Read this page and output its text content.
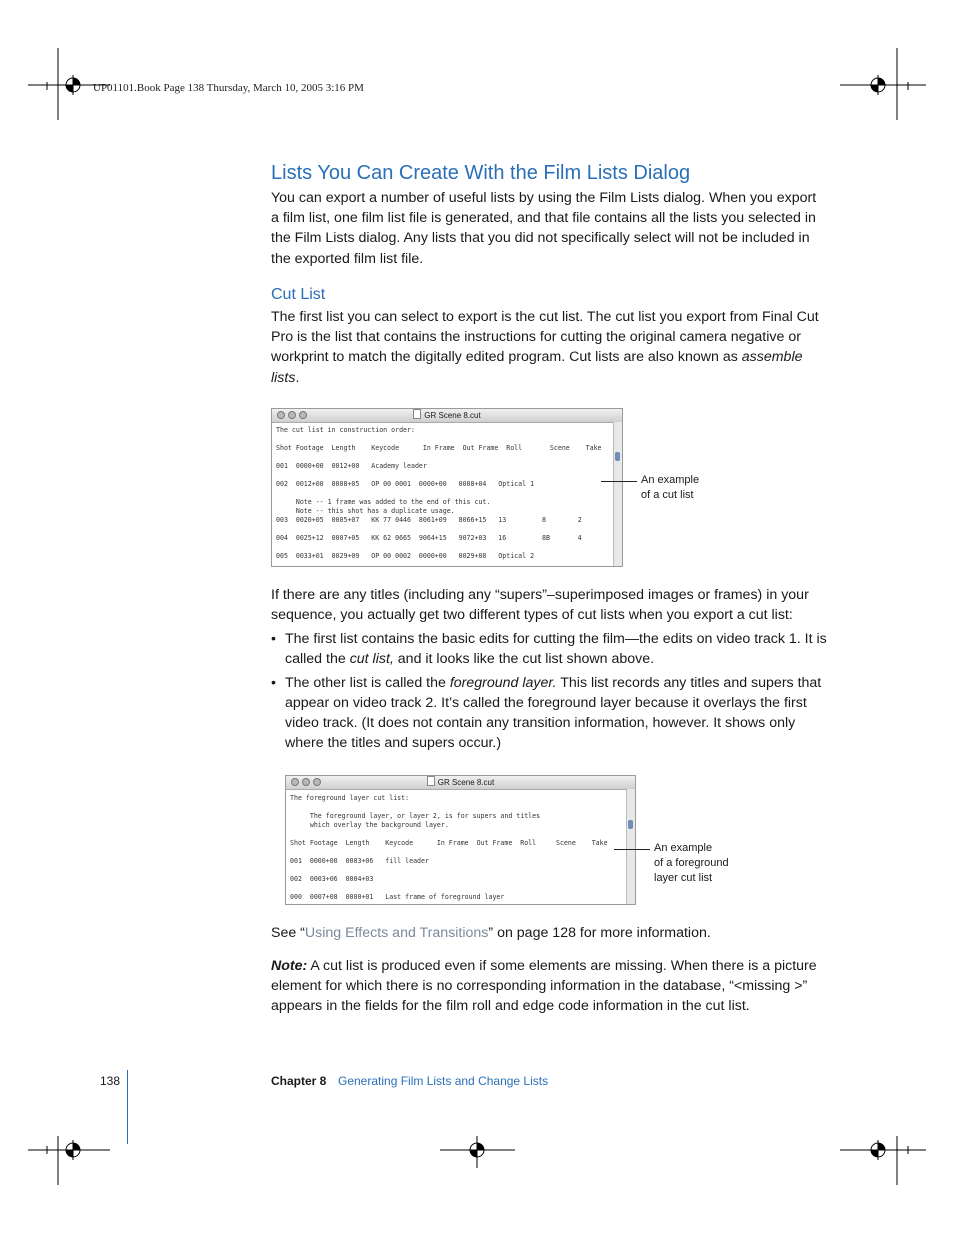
UP01101.Book Page 138 Thursday, March 10, 2005 3:16 PM
Lists You Can Create With the Film Lists Dialog
You can export a number of useful lists by using the Film Lists dialog. When you export a film list, one film list file is generated, and that file contains all the lists you selected in the Film Lists dialog. Any lists that you did not specifically select will not be included in the exported film list file.
Cut List
The first list you can select to export is the cut list. The cut list you export from Final Cut Pro is the list that contains the instructions for cutting the original camera negative or workprint to match the digitally edited program. Cut lists are also known as assemble lists.
GR Scene 8.cut
The cut list in construction order:

Shot Footage  Length    Keycode      In Frame  Out Frame  Roll       Scene    Take

001  0000+00  0012+00   Academy leader

002  0012+00  0008+05   OP 00 0001  0000+00   0008+04   Optical 1

Note -- 1 frame was added to the end of this cut.
Note -- this shot has a duplicate usage.
003  0020+05  0005+07   KK 77 0446  8061+09   8066+15   13         8        2

004  0025+12  0007+05   KK 62 0665  9064+15   9072+03   16         8B       4

005  0033+01  0029+09   OP 00 0002  0000+00   0029+08   Optical 2
An example
of a cut list
If there are any titles (including any “supers”–superimposed images or frames) in your sequence, you actually get two different types of cut lists when you export a cut list:
• The first list contains the basic edits for cutting the film—the edits on video track 1. It is called the cut list, and it looks like the cut list shown above.
• The other list is called the foreground layer. This list records any titles and supers that appear on video track 2. It’s called the foreground layer because it overlays the first video track. (It does not contain any transition information, however. It shows only where the titles and supers occur.)
GR Scene 8.cut
The foreground layer cut list:

The foreground layer, or layer 2, is for supers and titles
which overlay the background layer.

Shot Footage  Length    Keycode      In Frame  Out Frame  Roll     Scene    Take

001  0000+00  0003+06   fill leader

002  0003+06  0004+03

000  0007+08  0000+01   Last frame of foreground layer
An example
of a foreground
layer cut list
See “Using Effects and Transitions” on page 128 for more information.
Note: A cut list is produced even if some elements are missing. When there is a picture element for which there is no corresponding information in the database, “<missing >” appears in the fields for the film roll and edge code information in the cut list.
138	Chapter 8 Generating Film Lists and Change Lists
